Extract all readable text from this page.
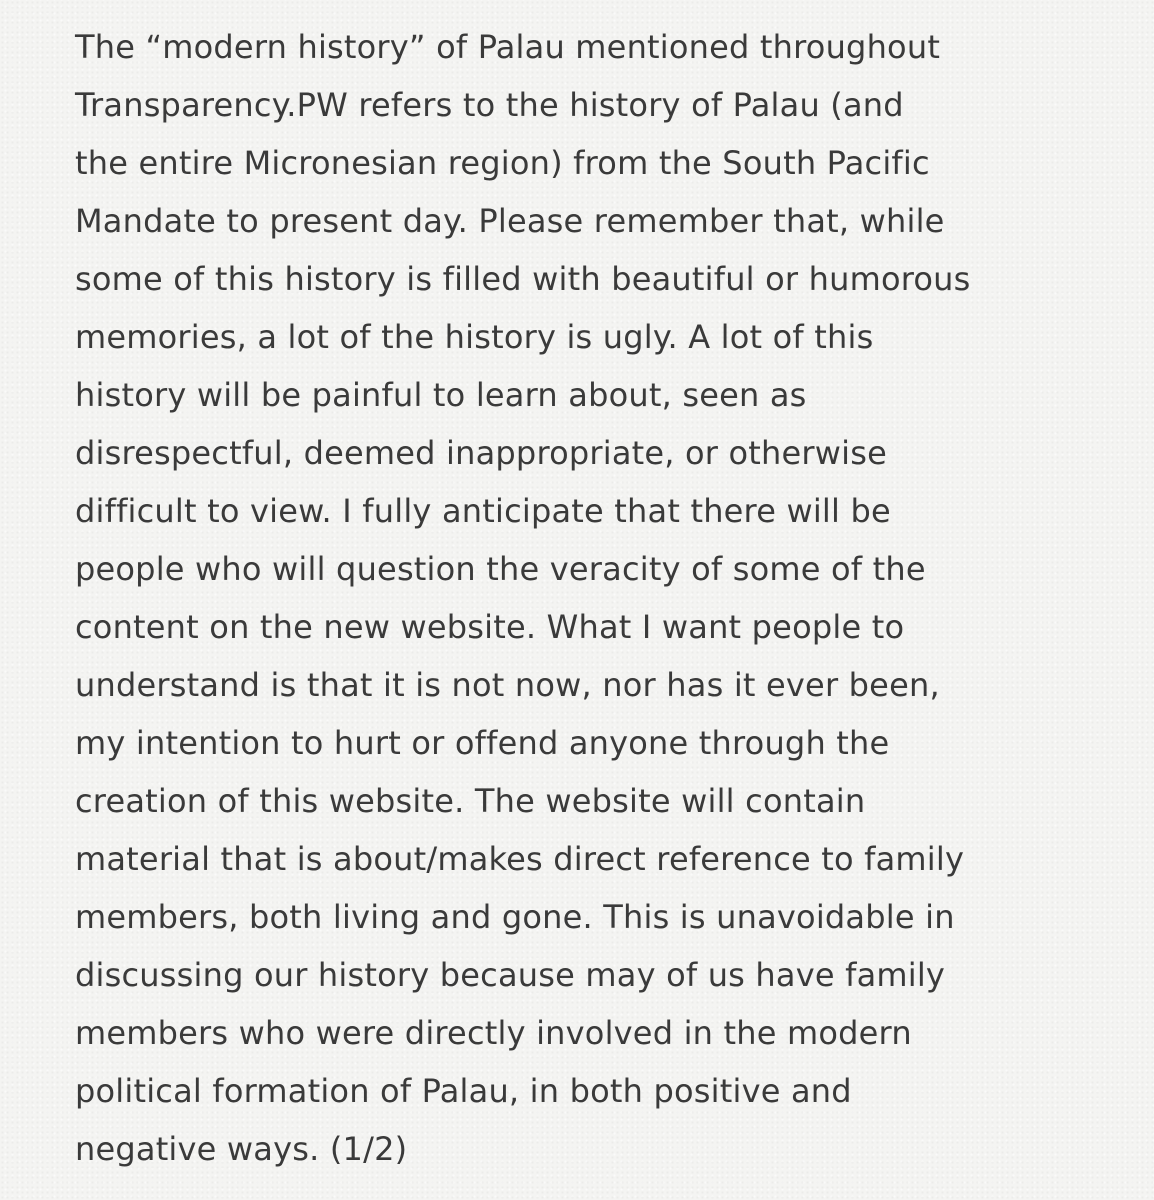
The “modern history” of Palau mentioned throughout
Transparency.PW refers to the history of Palau (and
the entire Micronesian region) from the South Pacific
Mandate to present day. Please remember that, while
some of this history is filled with beautiful or humorous
memories, a lot of the history is ugly. A lot of this
history will be painful to learn about, seen as
disrespectful, deemed inappropriate, or otherwise
difficult to view. I fully anticipate that there will be
people who will question the veracity of some of the
content on the new website. What I want people to
understand is that it is not now, nor has it ever been,
my intention to hurt or offend anyone through the
creation of this website. The website will contain
material that is about/makes direct reference to family
members, both living and gone. This is unavoidable in
discussing our history because may of us have family
members who were directly involved in the modern
political formation of Palau, in both positive and
negative ways. (1/2)
